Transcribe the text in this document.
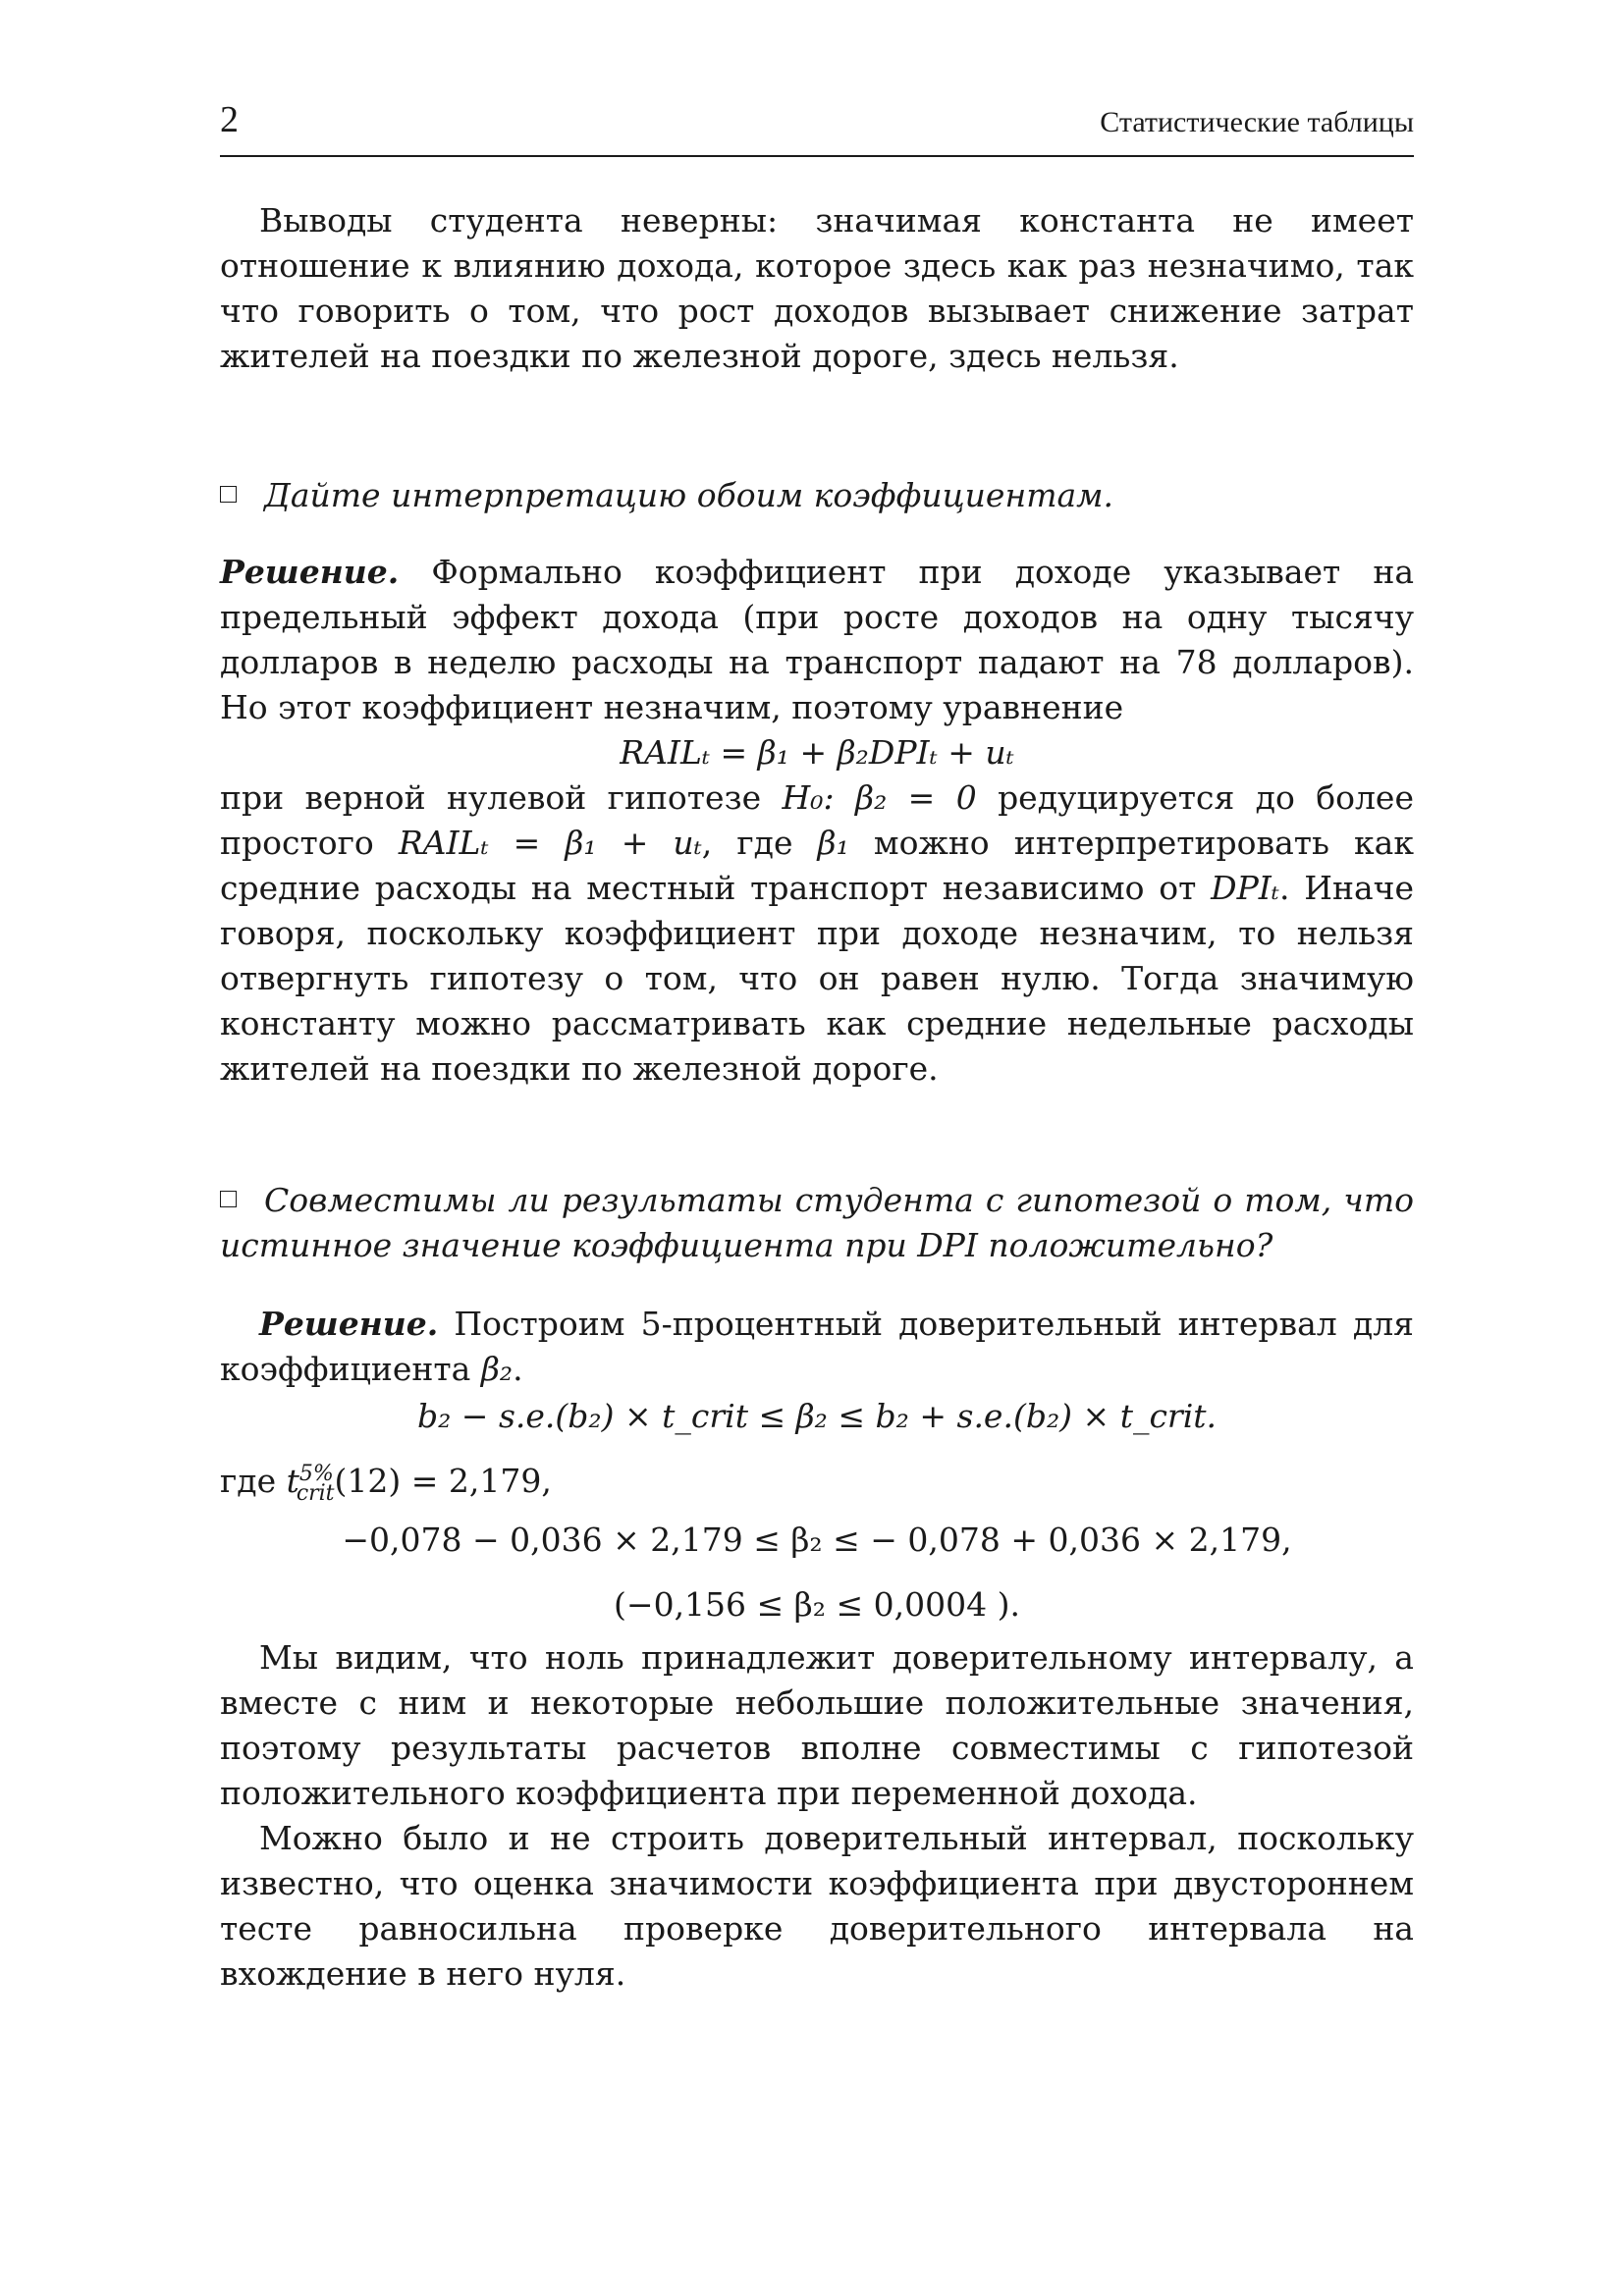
2	Статистические таблицы
Выводы студента неверны: значимая константа не имеет отношение к влиянию дохода, которое здесь как раз незначимо, так что говорить о том, что рост доходов вызывает снижение затрат жителей на поездки по железной дороге, здесь нельзя.
Дайте интерпретацию обоим коэффициентам.
Решение. Формально коэффициент при доходе указывает на предельный эффект дохода (при росте доходов на одну тысячу долларов в неделю расходы на транспорт падают на 78 долларов). Но этот коэффициент незначим, поэтому уравнение
RAILₜ = β₁ + β₂DPIₜ + uₜ
при верной нулевой гипотезе H₀: β₂ = 0 редуцируется до более простого RAILₜ = β₁ + uₜ, где β₁ можно интерпретировать как средние расходы на местный транспорт независимо от DPIₜ. Иначе говоря, поскольку коэффициент при доходе незначим, то нельзя отвергнуть гипотезу о том, что он равен нулю. Тогда значимую константу можно рассматривать как средние недельные расходы жителей на поездки по железной дороге.
Совместимы ли результаты студента с гипотезой о том, что истинное значение коэффициента при DPI положительно?
Решение. Построим 5-процентный доверительный интервал для коэффициента β₂.
b₂ − s.e.(b₂) × t_crit ≤ β₂ ≤ b₂ + s.e.(b₂) × t_crit.
где $t^{5\%}_{crit}(12) = 2,179$,
−0,078 − 0,036 × 2,179 ≤ β₂ ≤ − 0,078 + 0,036 × 2,179,
(−0,156 ≤ β₂ ≤ 0,0004 ).
Мы видим, что ноль принадлежит доверительному интервалу, а вместе с ним и некоторые небольшие положительные значения, поэтому результаты расчетов вполне совместимы с гипотезой положительного коэффициента при переменной дохода.
Можно было и не строить доверительный интервал, поскольку известно, что оценка значимости коэффициента при двустороннем тесте равносильна проверке доверительного интервала на вхождение в него нуля.
